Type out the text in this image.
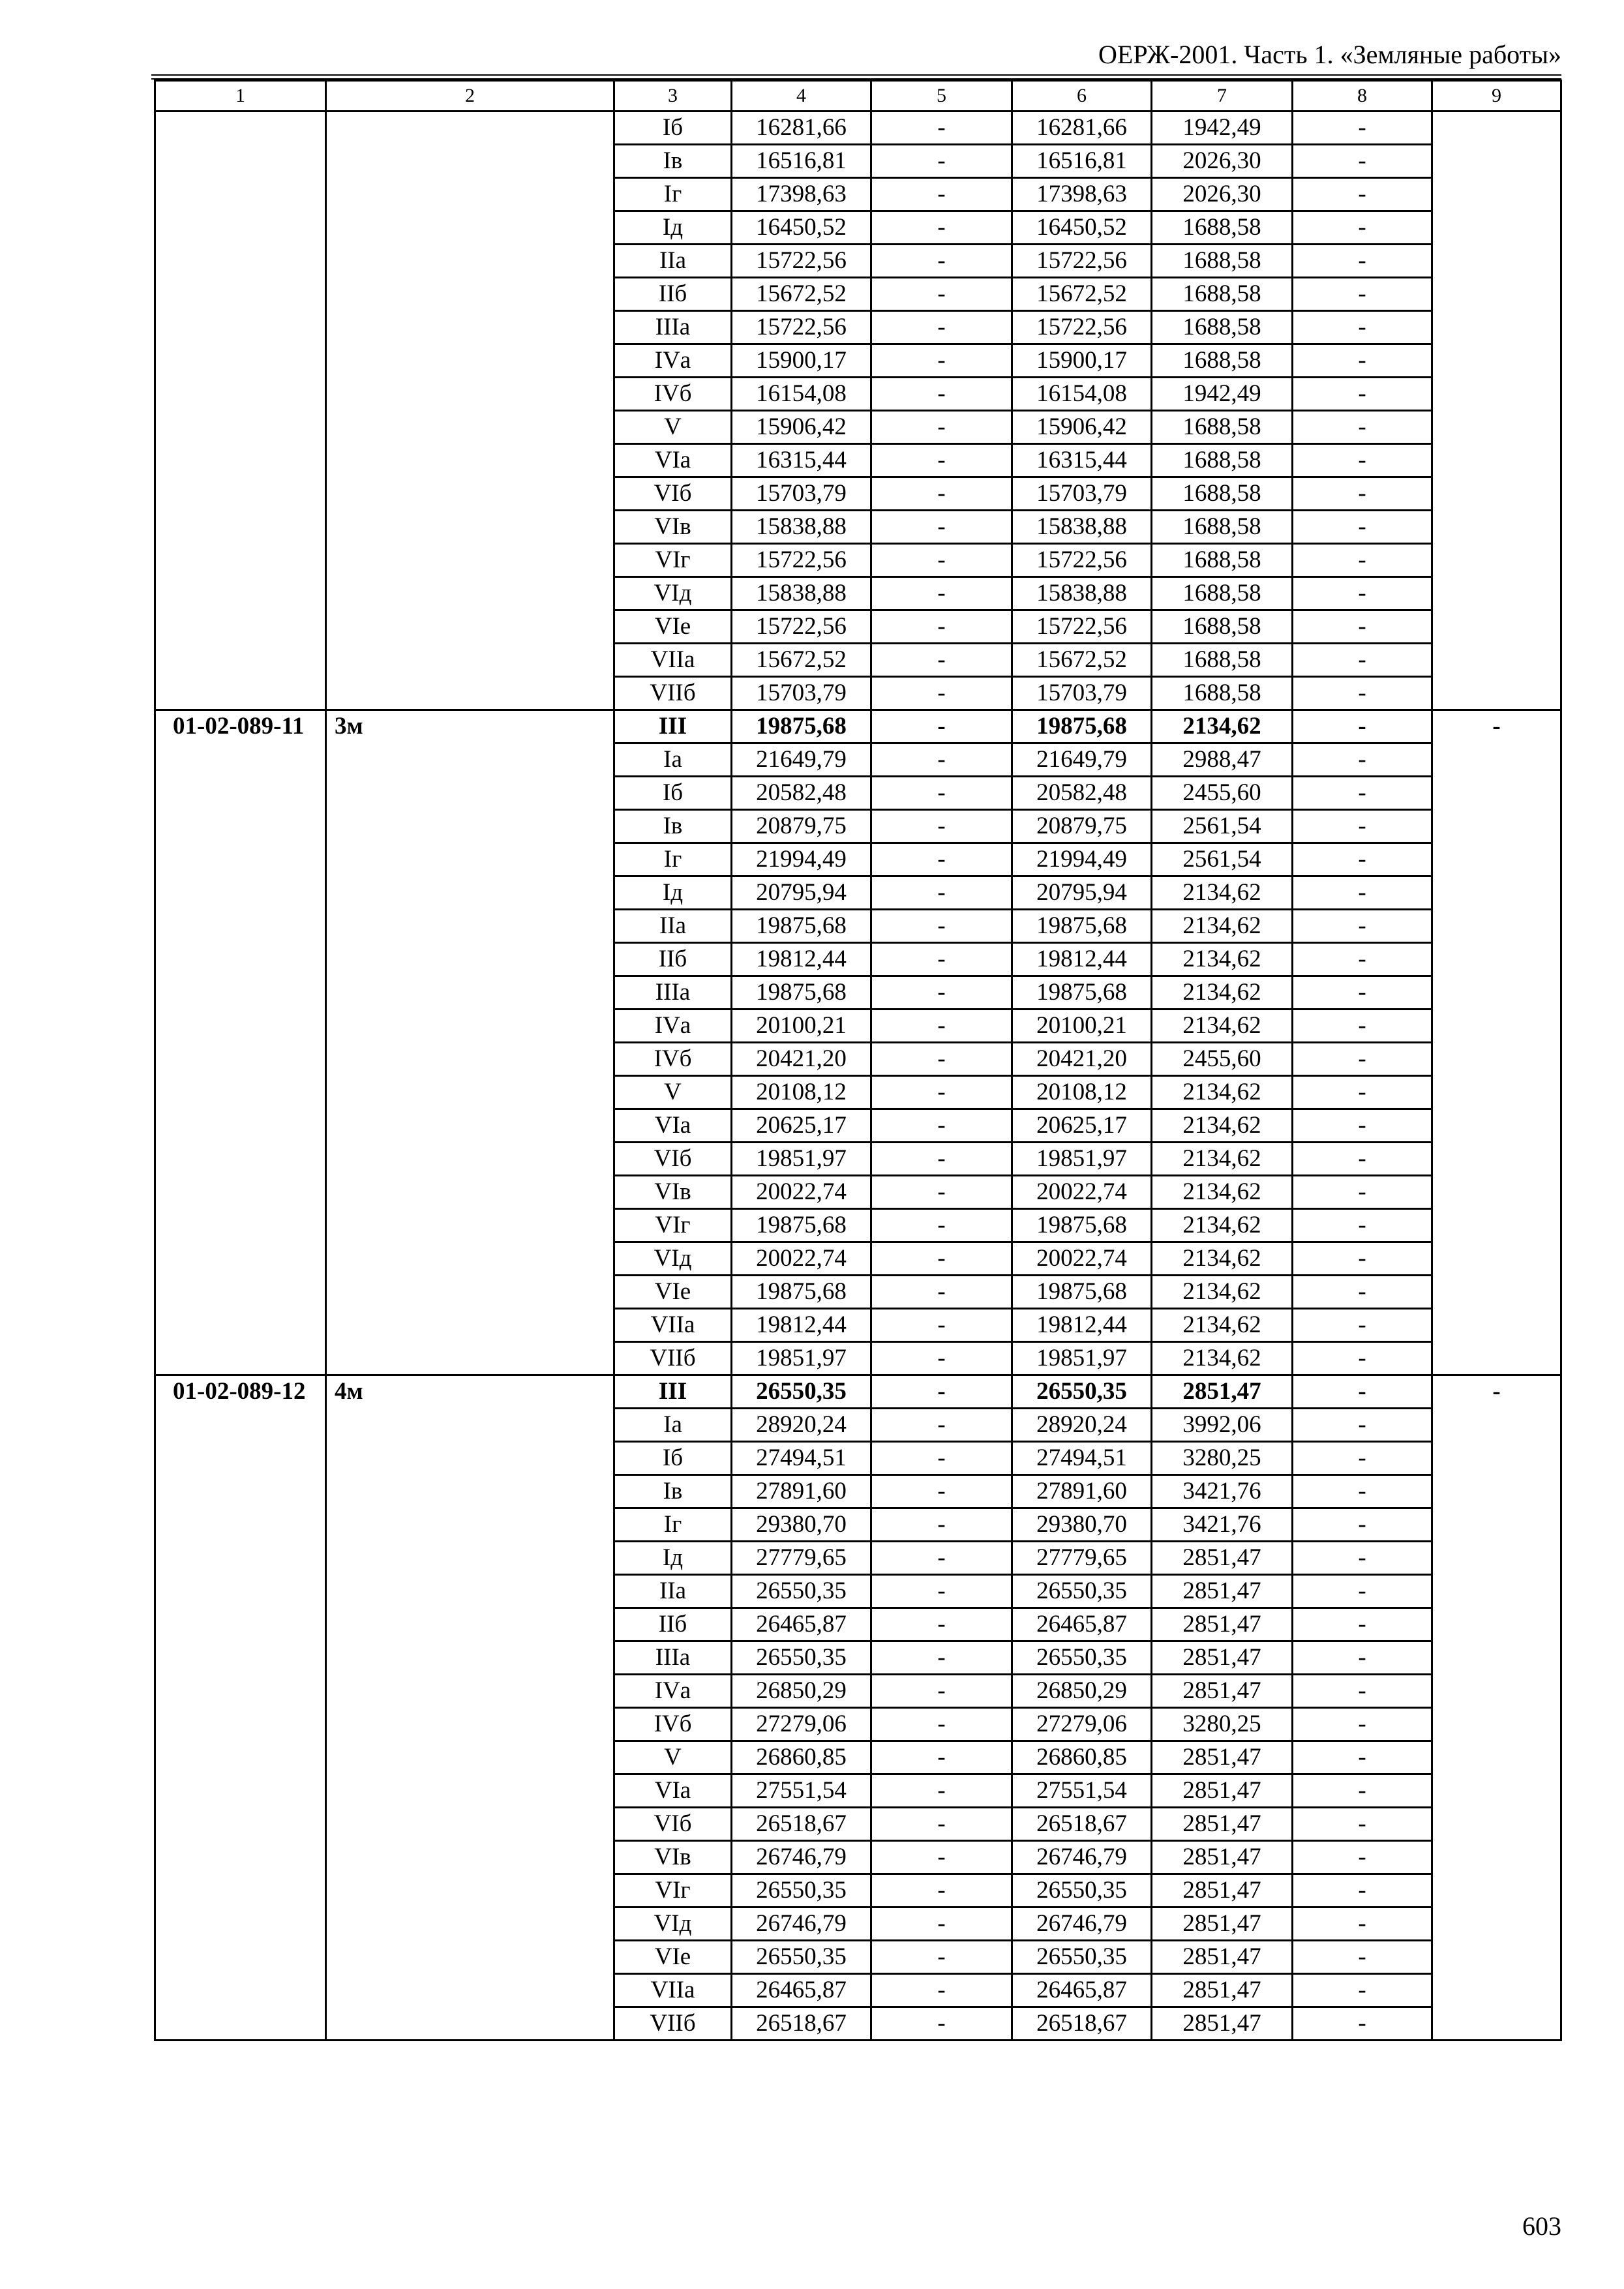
ОЕРЖ-2001. Часть 1. «Земляные работы»
1	2	3	4	5	6	7	8	9
		Iб	16281,66	-	16281,66	1942,49	-	
		Iв	16516,81	-	16516,81	2026,30	-	
		Iг	17398,63	-	17398,63	2026,30	-	
		Iд	16450,52	-	16450,52	1688,58	-	
		IIа	15722,56	-	15722,56	1688,58	-	
		IIб	15672,52	-	15672,52	1688,58	-	
		IIIа	15722,56	-	15722,56	1688,58	-	
		IVа	15900,17	-	15900,17	1688,58	-	
		IVб	16154,08	-	16154,08	1942,49	-	
		V	15906,42	-	15906,42	1688,58	-	
		VIа	16315,44	-	16315,44	1688,58	-	
		VIб	15703,79	-	15703,79	1688,58	-	
		VIв	15838,88	-	15838,88	1688,58	-	
		VIг	15722,56	-	15722,56	1688,58	-	
		VIд	15838,88	-	15838,88	1688,58	-	
		VIе	15722,56	-	15722,56	1688,58	-	
		VIIа	15672,52	-	15672,52	1688,58	-	
		VIIб	15703,79	-	15703,79	1688,58	-	
01-02-089-11	3м	III	19875,68	-	19875,68	2134,62	-	-
		Iа	21649,79	-	21649,79	2988,47	-	
		Iб	20582,48	-	20582,48	2455,60	-	
		Iв	20879,75	-	20879,75	2561,54	-	
		Iг	21994,49	-	21994,49	2561,54	-	
		Iд	20795,94	-	20795,94	2134,62	-	
		IIа	19875,68	-	19875,68	2134,62	-	
		IIб	19812,44	-	19812,44	2134,62	-	
		IIIа	19875,68	-	19875,68	2134,62	-	
		IVа	20100,21	-	20100,21	2134,62	-	
		IVб	20421,20	-	20421,20	2455,60	-	
		V	20108,12	-	20108,12	2134,62	-	
		VIа	20625,17	-	20625,17	2134,62	-	
		VIб	19851,97	-	19851,97	2134,62	-	
		VIв	20022,74	-	20022,74	2134,62	-	
		VIг	19875,68	-	19875,68	2134,62	-	
		VIд	20022,74	-	20022,74	2134,62	-	
		VIе	19875,68	-	19875,68	2134,62	-	
		VIIа	19812,44	-	19812,44	2134,62	-	
		VIIб	19851,97	-	19851,97	2134,62	-	
01-02-089-12	4м	III	26550,35	-	26550,35	2851,47	-	-
		Iа	28920,24	-	28920,24	3992,06	-	
		Iб	27494,51	-	27494,51	3280,25	-	
		Iв	27891,60	-	27891,60	3421,76	-	
		Iг	29380,70	-	29380,70	3421,76	-	
		Iд	27779,65	-	27779,65	2851,47	-	
		IIа	26550,35	-	26550,35	2851,47	-	
		IIб	26465,87	-	26465,87	2851,47	-	
		IIIа	26550,35	-	26550,35	2851,47	-	
		IVа	26850,29	-	26850,29	2851,47	-	
		IVб	27279,06	-	27279,06	3280,25	-	
		V	26860,85	-	26860,85	2851,47	-	
		VIа	27551,54	-	27551,54	2851,47	-	
		VIб	26518,67	-	26518,67	2851,47	-	
		VIв	26746,79	-	26746,79	2851,47	-	
		VIг	26550,35	-	26550,35	2851,47	-	
		VIд	26746,79	-	26746,79	2851,47	-	
		VIе	26550,35	-	26550,35	2851,47	-	
		VIIа	26465,87	-	26465,87	2851,47	-	
		VIIб	26518,67	-	26518,67	2851,47	-	
603
